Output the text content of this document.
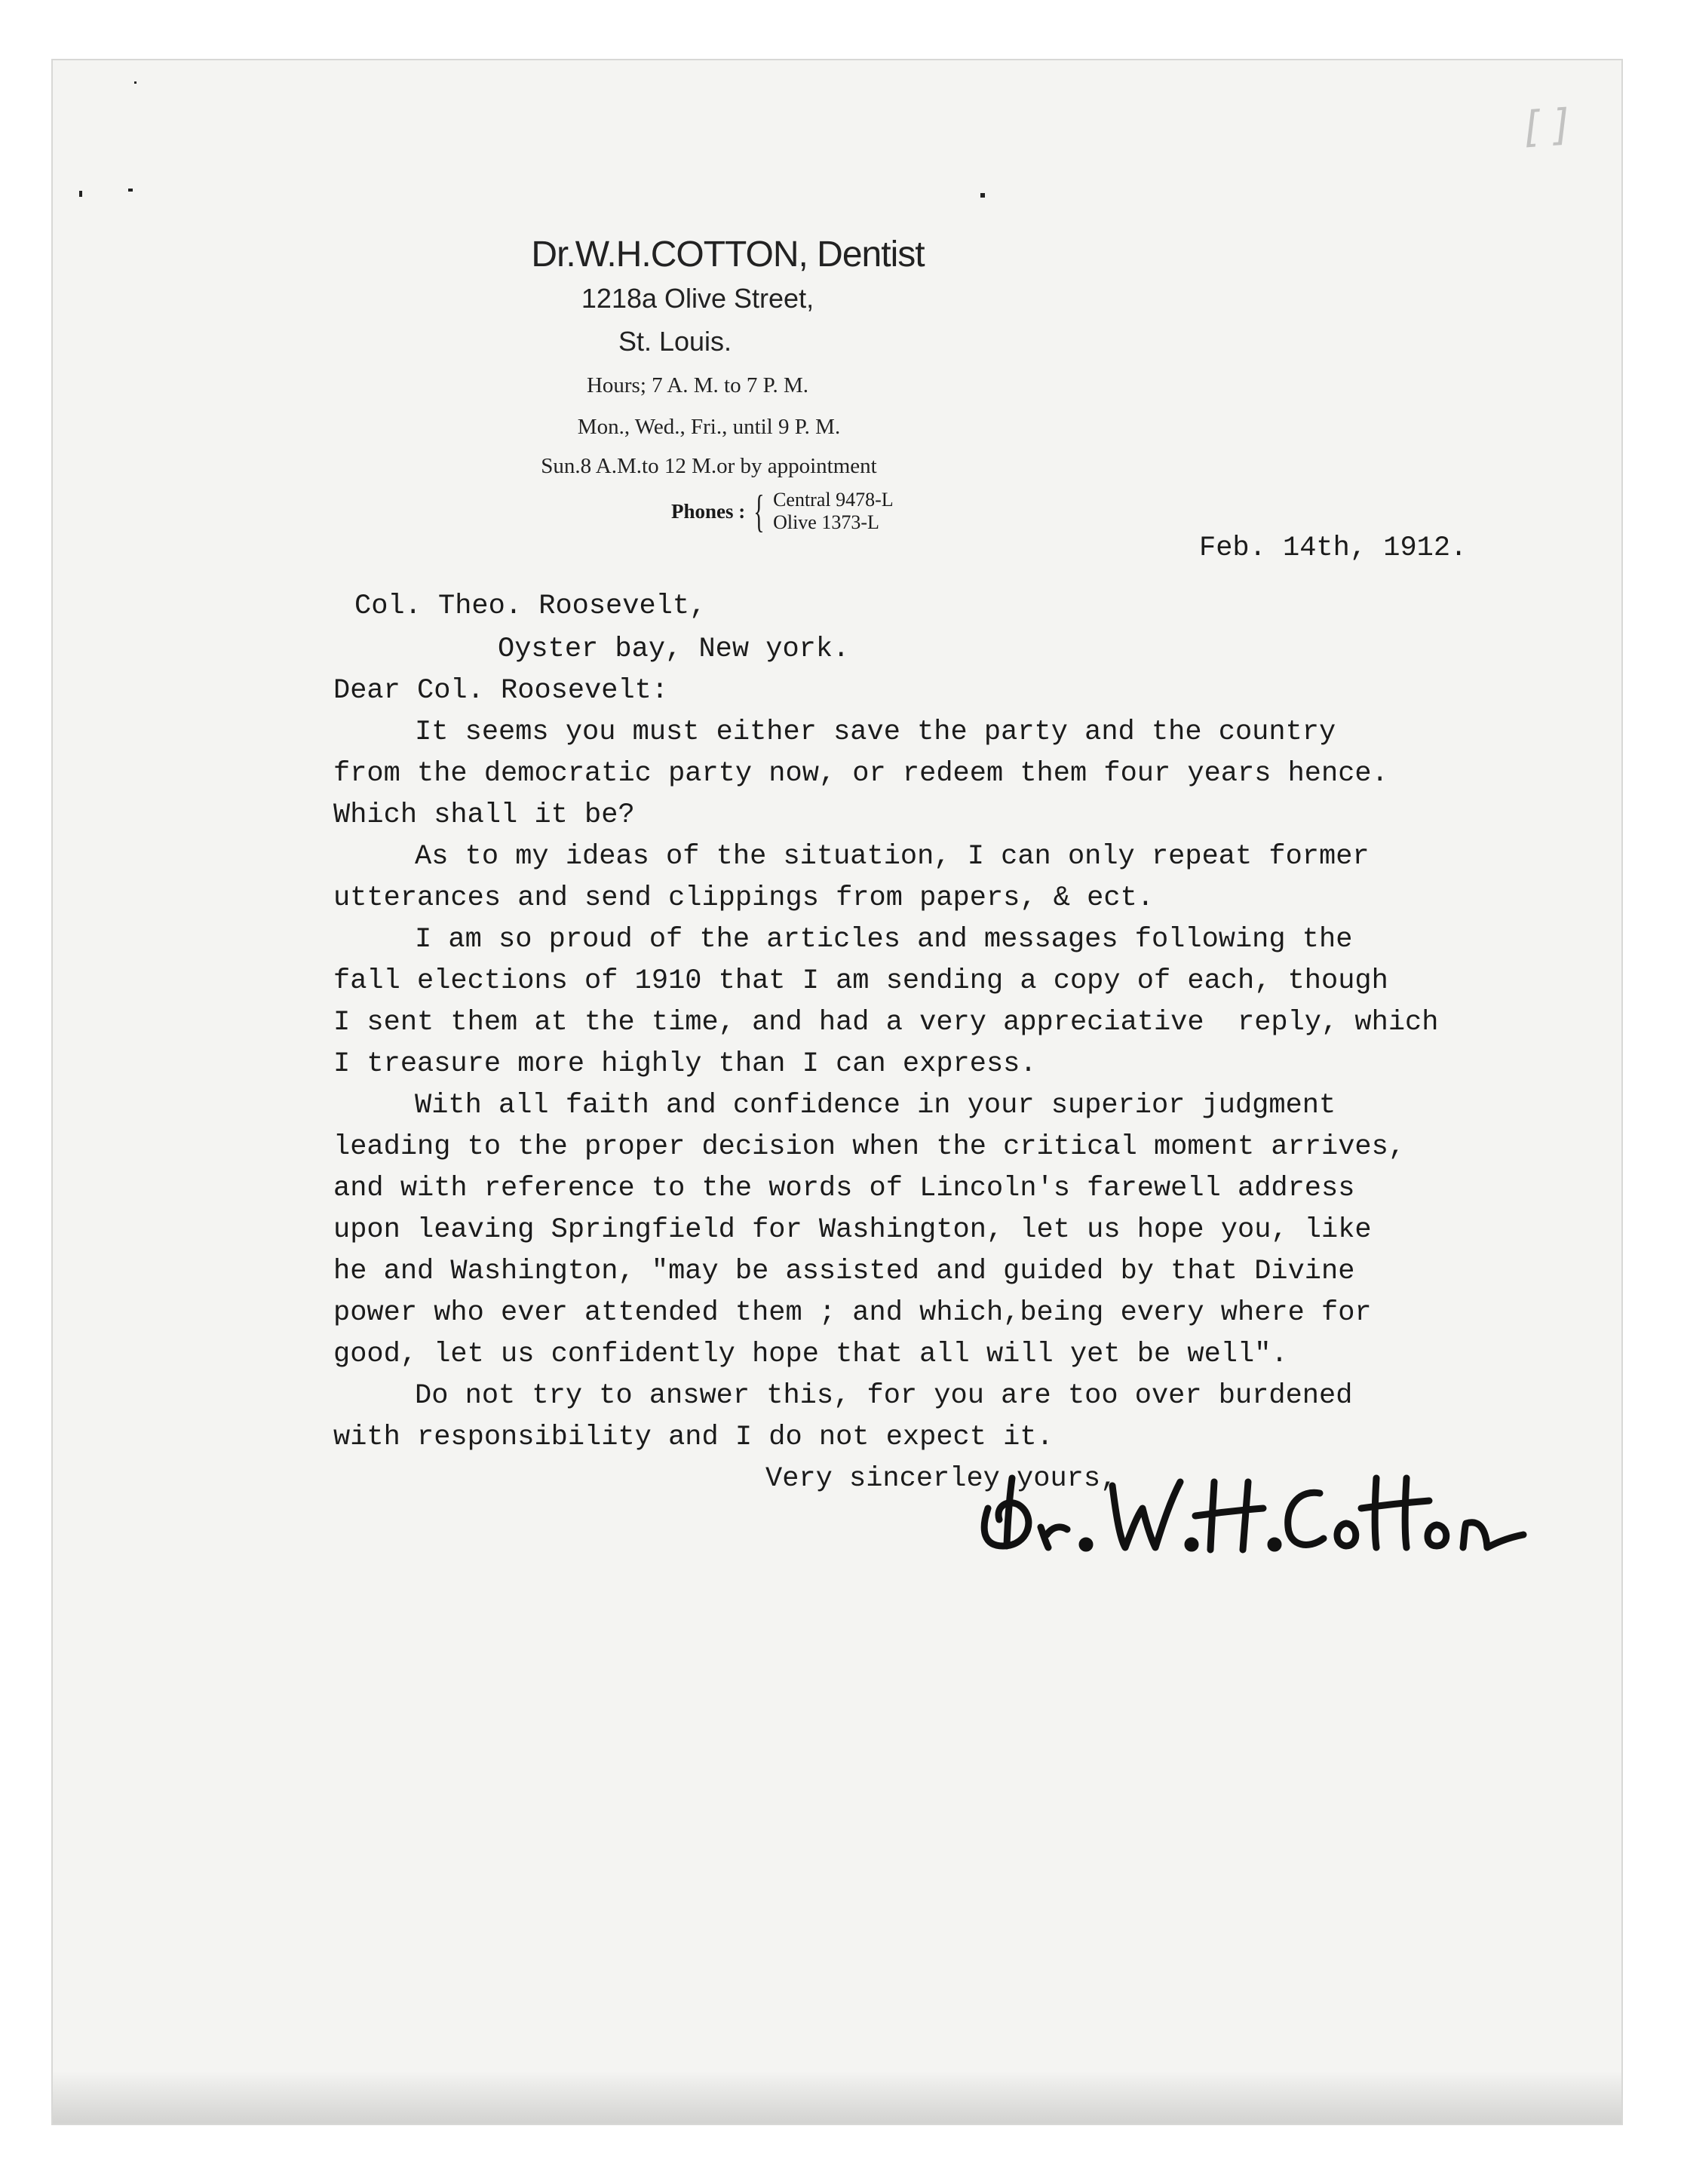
[ ]
Dr.W.H.COTTON, Dentist
1218a Olive Street,
St. Louis.
Hours; 7 A. M. to 7 P. M.
Mon., Wed., Fri., until 9 P. M.
Sun.8 A.M.to 12 M.or by appointment
Phones : { Central 9478-L
Olive 1373-L
Feb. 14th, 1912.
Col. Theo. Roosevelt,
Oyster bay, New york.
Dear Col. Roosevelt:
It seems you must either save the party and the country
from the democratic party now, or redeem them four years hence.
Which shall it be?
As to my ideas of the situation, I can only repeat former
utterances and send clippings from papers, & ect.
I am so proud of the articles and messages following the
fall elections of 1910 that I am sending a copy of each, though
I sent them at the time, and had a very appreciative  reply, which
I treasure more highly than I can express.
With all faith and confidence in your superior judgment
leading to the proper decision when the critical moment arrives,
and with reference to the words of Lincoln's farewell address
upon leaving Springfield for Washington, let us hope you, like
he and Washington, "may be assisted and guided by that Divine
power who ever attended them ; and which,being every where for
good, let us confidently hope that all will yet be well".
Do not try to answer this, for you are too over burdened
with responsibility and I do not expect it.
Very sincerley yours,
